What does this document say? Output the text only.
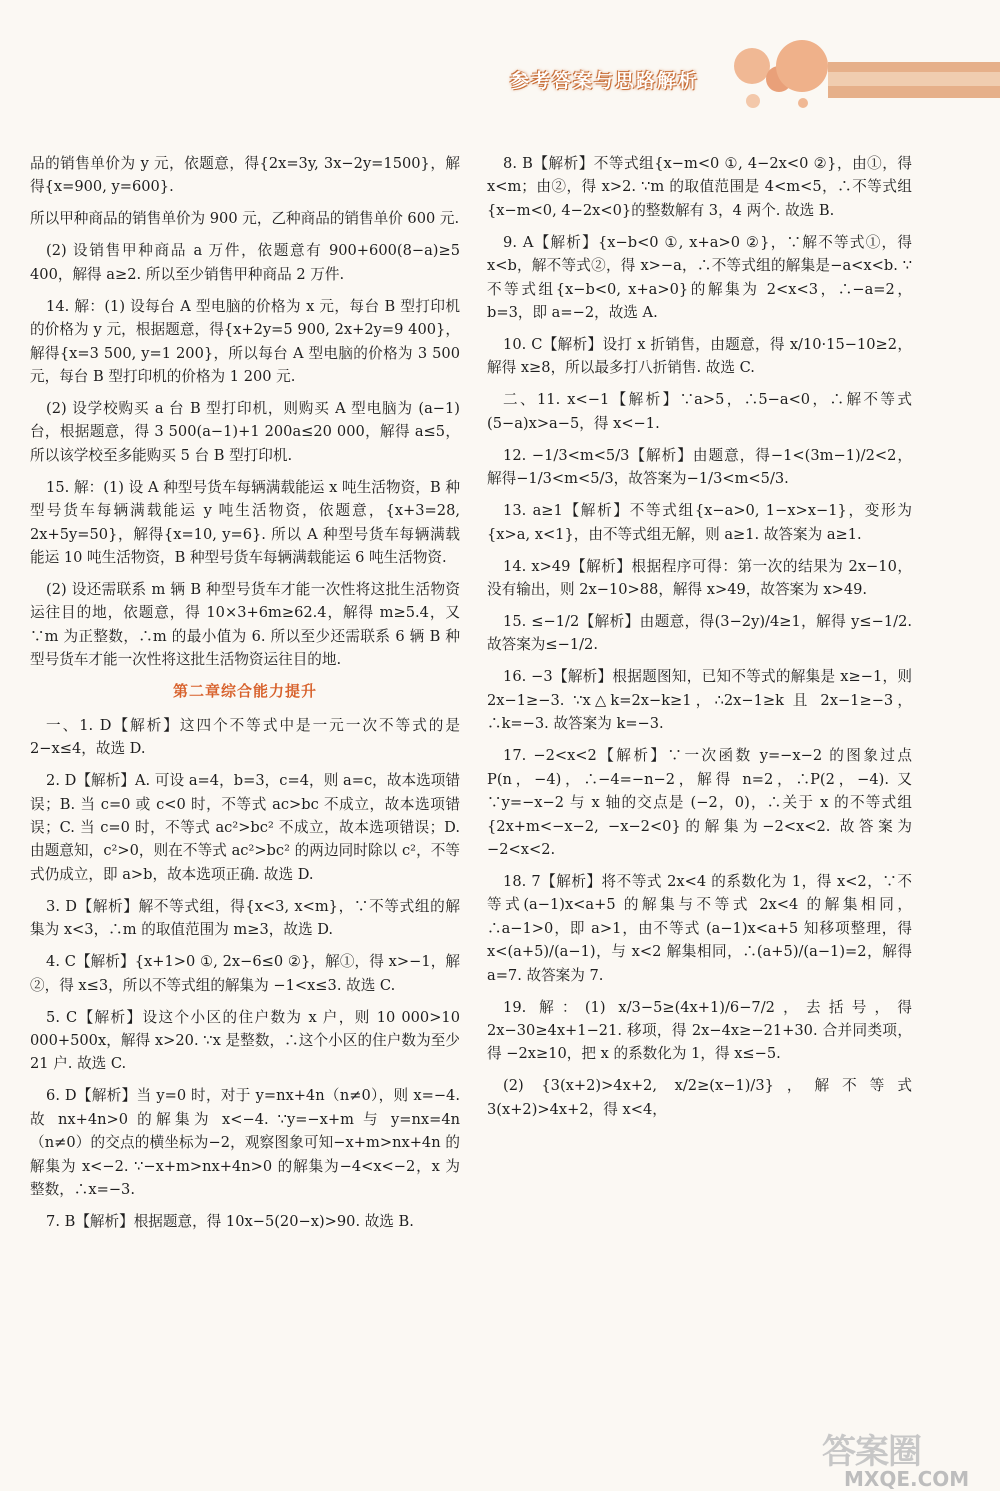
参考答案与思路解析

品的销售单价为 y 元，依题意，得{2x=3y, 3x−2y=1500}，解得{x=900, y=600}.

所以甲种商品的销售单价为 900 元，乙种商品的销售单价 600 元.

(2) 设销售甲种商品 a 万件，依题意有 900+600(8−a)≥5 400，解得 a≥2. 所以至少销售甲种商品 2 万件.

14. 解：(1) 设每台 A 型电脑的价格为 x 元，每台 B 型打印机的价格为 y 元，根据题意，得{x+2y=5 900, 2x+2y=9 400}，解得{x=3 500, y=1 200}，所以每台 A 型电脑的价格为 3 500 元，每台 B 型打印机的价格为 1 200 元.

(2) 设学校购买 a 台 B 型打印机，则购买 A 型电脑为 (a−1) 台，根据题意，得 3 500(a−1)+1 200a≤20 000，解得 a≤5，所以该学校至多能购买 5 台 B 型打印机.

15. 解：(1) 设 A 种型号货车每辆满载能运 x 吨生活物资，B 种型号货车每辆满载能运 y 吨生活物资，依题意，{x+3=28, 2x+5y=50}，解得{x=10, y=6}. 所以 A 种型号货车每辆满载能运 10 吨生活物资，B 种型号货车每辆满载能运 6 吨生活物资.

(2) 设还需联系 m 辆 B 种型号货车才能一次性将这批生活物资运往目的地，依题意，得 10×3+6m≥62.4，解得 m≥5.4，又∵m 为正整数，∴m 的最小值为 6. 所以至少还需联系 6 辆 B 种型号货车才能一次性将这批生活物资运往目的地.

第二章综合能力提升

一、1. D【解析】这四个不等式中是一元一次不等式的是 2−x≤4，故选 D.

2. D【解析】A. 可设 a=4，b=3，c=4，则 a=c，故本选项错误；B. 当 c=0 或 c<0 时，不等式 ac>bc 不成立，故本选项错误；C. 当 c=0 时，不等式 ac²>bc² 不成立，故本选项错误；D. 由题意知，c²>0，则在不等式 ac²>bc² 的两边同时除以 c²，不等式仍成立，即 a>b，故本选项正确. 故选 D.

3. D【解析】解不等式组，得{x<3, x<m}，∵不等式组的解集为 x<3，∴m 的取值范围为 m≥3，故选 D.

4. C【解析】{x+1>0 ①, 2x−6≤0 ②}，解①，得 x>−1，解②，得 x≤3，所以不等式组的解集为 −1<x≤3. 故选 C.

5. C【解析】设这个小区的住户数为 x 户，则 10 000>10 000+500x，解得 x>20. ∵x 是整数，∴这个小区的住户数为至少 21 户. 故选 C.

6. D【解析】当 y=0 时，对于 y=nx+4n（n≠0），则 x=−4. 故 nx+4n>0 的解集为 x<−4. ∵y=−x+m 与 y=nx=4n（n≠0）的交点的横坐标为−2，观察图象可知−x+m>nx+4n 的解集为 x<−2. ∵−x+m>nx+4n>0 的解集为−4<x<−2，x 为整数，∴x=−3.

7. B【解析】根据题意，得 10x−5(20−x)>90. 故选 B.

8. B【解析】不等式组{x−m<0 ①, 4−2x<0 ②}，由①，得 x<m；由②，得 x>2. ∵m 的取值范围是 4<m<5，∴不等式组{x−m<0, 4−2x<0}的整数解有 3，4 两个. 故选 B.

9. A【解析】{x−b<0 ①, x+a>0 ②}，∵解不等式①，得 x<b，解不等式②，得 x>−a，∴不等式组的解集是−a<x<b. ∵不等式组{x−b<0, x+a>0}的解集为 2<x<3，∴−a=2，b=3，即 a=−2，故选 A.

10. C【解析】设打 x 折销售，由题意，得 x/10·15−10≥2，解得 x≥8，所以最多打八折销售. 故选 C.

二、11. x<−1【解析】∵a>5，∴5−a<0，∴解不等式 (5−a)x>a−5，得 x<−1.

12. −1/3<m<5/3【解析】由题意，得−1<(3m−1)/2<2，解得−1/3<m<5/3，故答案为−1/3<m<5/3.

13. a≥1【解析】不等式组{x−a>0, 1−x>x−1}，变形为{x>a, x<1}，由不等式组无解，则 a≥1. 故答案为 a≥1.

14. x>49【解析】根据程序可得：第一次的结果为 2x−10，没有输出，则 2x−10>88，解得 x>49，故答案为 x>49.

15. ≤−1/2【解析】由题意，得(3−2y)/4≥1，解得 y≤−1/2. 故答案为≤−1/2.

16. −3【解析】根据题图知，已知不等式的解集是 x≥−1，则 2x−1≥−3. ∵x△k=2x−k≥1，∴2x−1≥k 且 2x−1≥−3，∴k=−3. 故答案为 k=−3.

17. −2<x<2【解析】∵一次函数 y=−x−2 的图象过点 P(n，−4)，∴−4=−n−2，解得 n=2，∴P(2，−4). 又∵y=−x−2 与 x 轴的交点是 (−2，0)，∴关于 x 的不等式组{2x+m<−x−2, −x−2<0}的解集为−2<x<2. 故答案为−2<x<2.

18. 7【解析】将不等式 2x<4 的系数化为 1，得 x<2，∵不等式(a−1)x<a+5 的解集与不等式 2x<4 的解集相同，∴a−1>0，即 a>1，由不等式 (a−1)x<a+5 知移项整理，得 x<(a+5)/(a−1)，与 x<2 解集相同，∴(a+5)/(a−1)=2，解得 a=7. 故答案为 7.

19. 解：(1) x/3−5≥(4x+1)/6−7/2，去括号，得 2x−30≥4x+1−21. 移项，得 2x−4x≥−21+30. 合并同类项，得 −2x≥10，把 x 的系数化为 1，得 x≤−5.

(2) {3(x+2)>4x+2, x/2≥(x−1)/3}，解不等式 3(x+2)>4x+2，得 x<4，

答案圈
MXQE.COM
